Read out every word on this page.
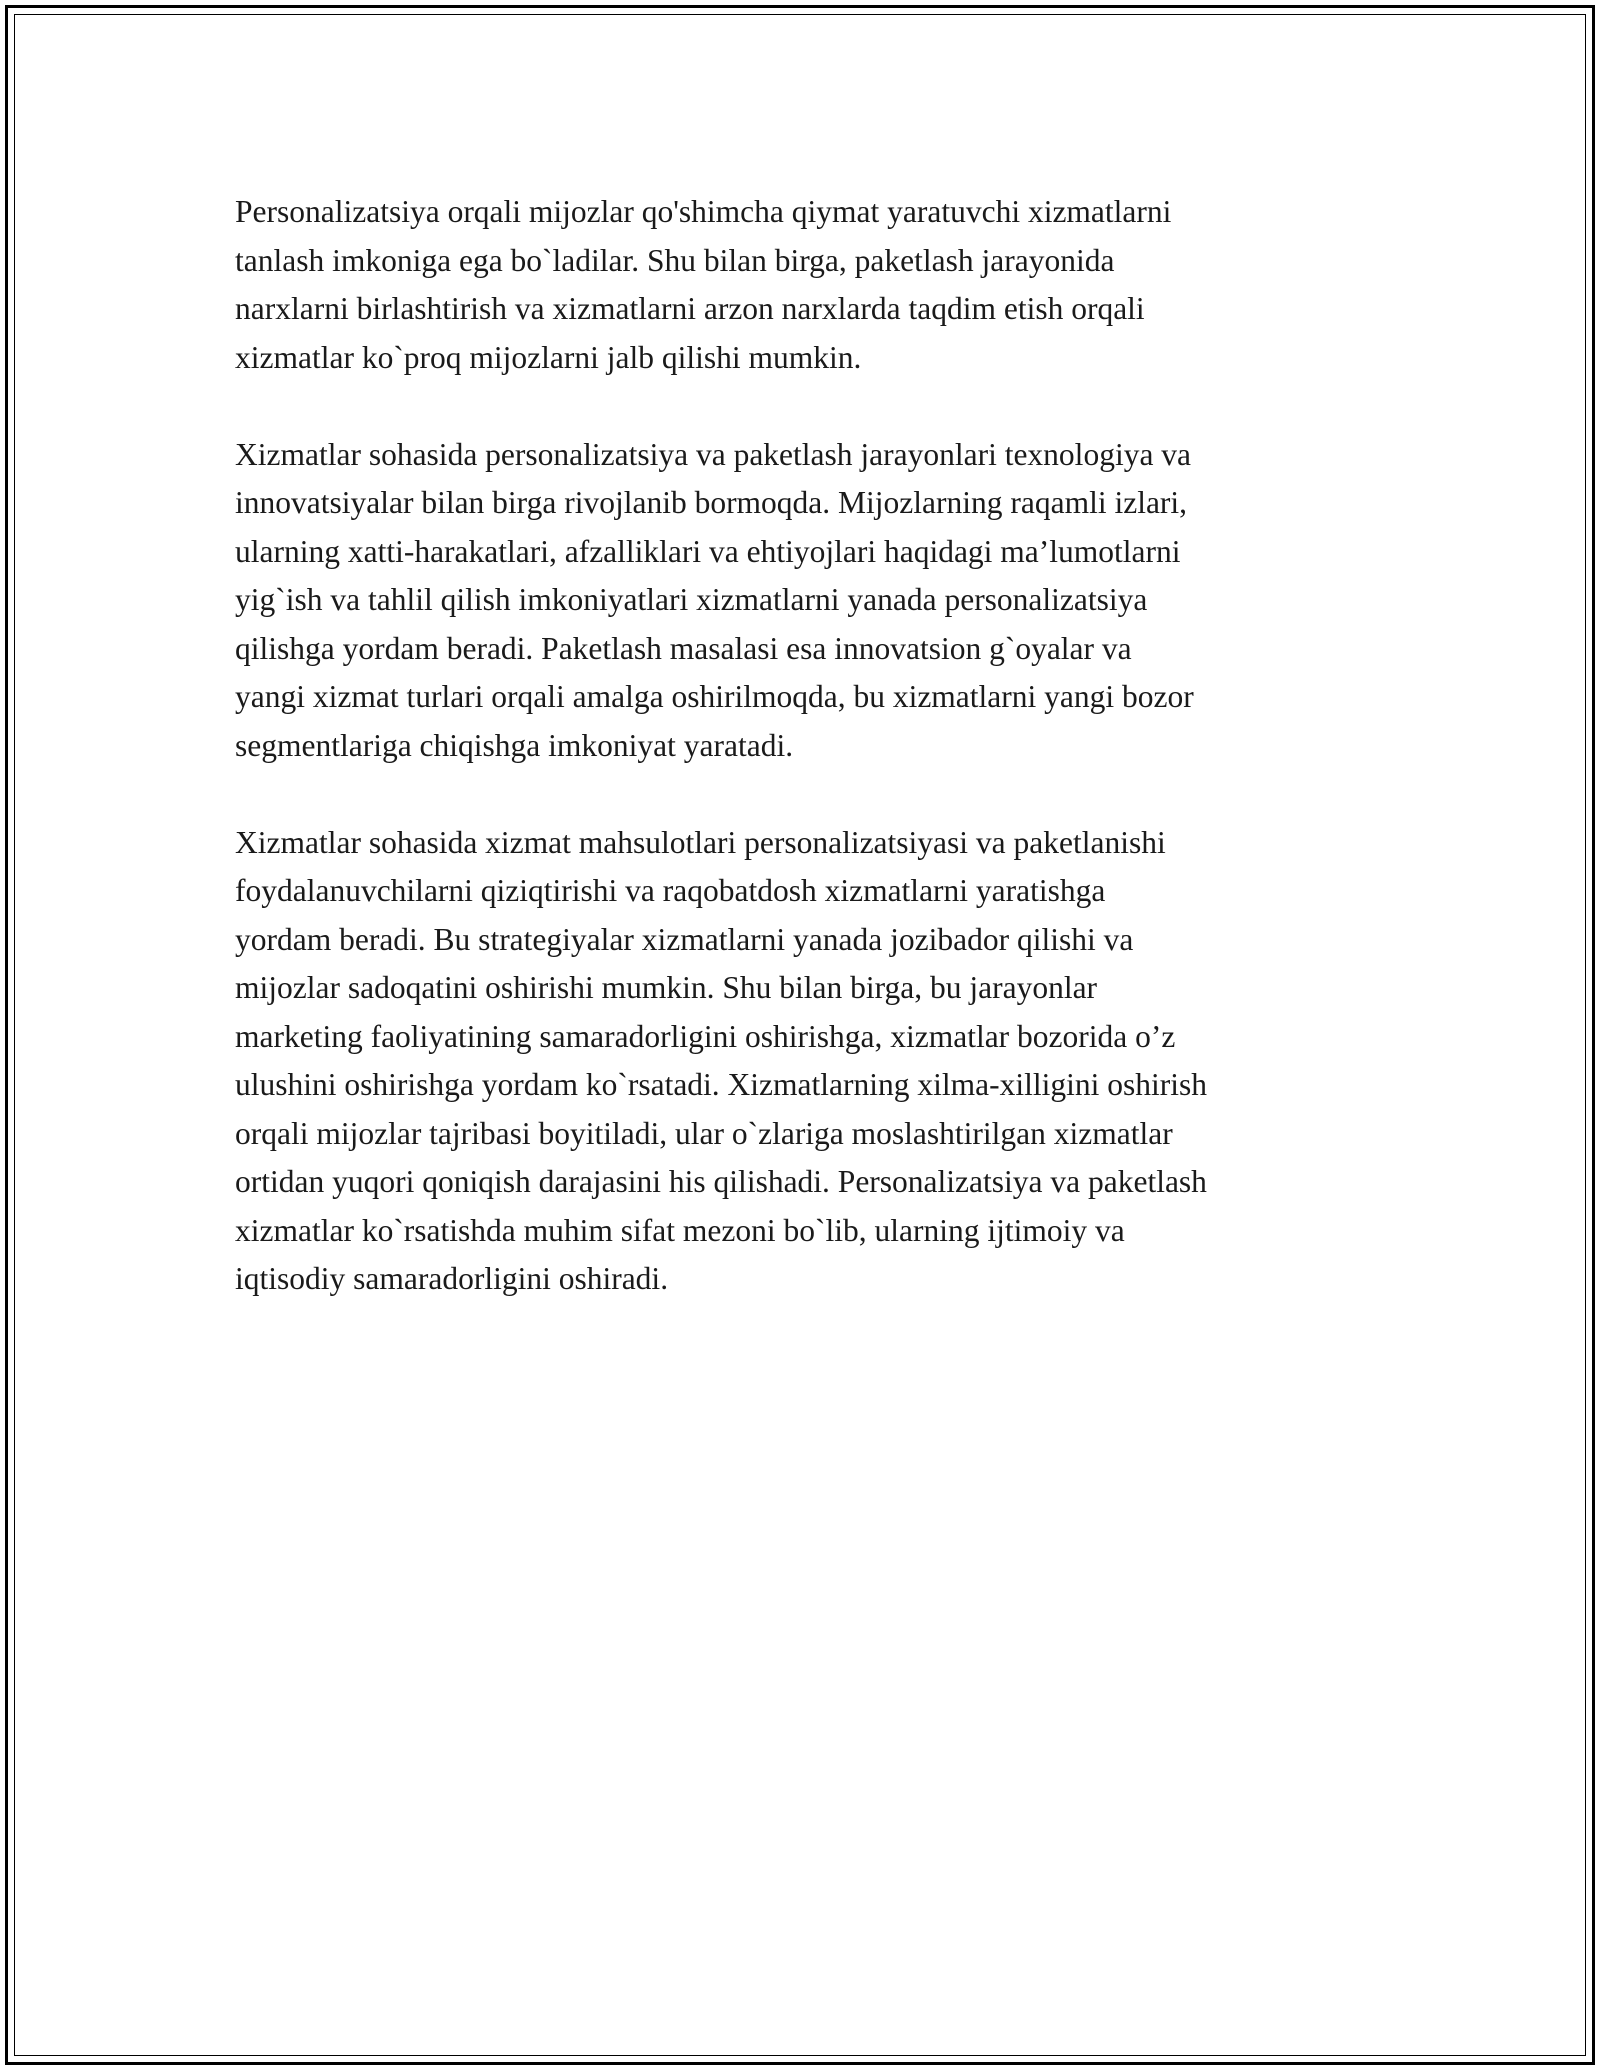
Personalizatsiya orqali mijozlar qo'shimcha qiymat yaratuvchi xizmatlarni
tanlash imkoniga ega bo`ladilar. Shu bilan birga, paketlash jarayonida
narxlarni birlashtirish va xizmatlarni arzon narxlarda taqdim etish orqali
xizmatlar ko`proq mijozlarni jalb qilishi mumkin.

Xizmatlar sohasida personalizatsiya va paketlash jarayonlari texnologiya va
innovatsiyalar bilan birga rivojlanib bormoqda. Mijozlarning raqamli izlari,
ularning xatti-harakatlari, afzalliklari va ehtiyojlari haqidagi ma’lumotlarni
yig`ish va tahlil qilish imkoniyatlari xizmatlarni yanada personalizatsiya
qilishga yordam beradi. Paketlash masalasi esa innovatsion g`oyalar va
yangi xizmat turlari orqali amalga oshirilmoqda, bu xizmatlarni yangi bozor
segmentlariga chiqishga imkoniyat yaratadi.

Xizmatlar sohasida xizmat mahsulotlari personalizatsiyasi va paketlanishi
foydalanuvchilarni qiziqtirishi va raqobatdosh xizmatlarni yaratishga
yordam beradi. Bu strategiyalar xizmatlarni yanada jozibador qilishi va
mijozlar sadoqatini oshirishi mumkin. Shu bilan birga, bu jarayonlar
marketing faoliyatining samaradorligini oshirishga, xizmatlar bozorida o’z
ulushini oshirishga yordam ko`rsatadi. Xizmatlarning xilma-xilligini oshirish
orqali mijozlar tajribasi boyitiladi, ular o`zlariga moslashtirilgan xizmatlar
ortidan yuqori qoniqish darajasini his qilishadi. Personalizatsiya va paketlash
xizmatlar ko`rsatishda muhim sifat mezoni bo`lib, ularning ijtimoiy va
iqtisodiy samaradorligini oshiradi.
